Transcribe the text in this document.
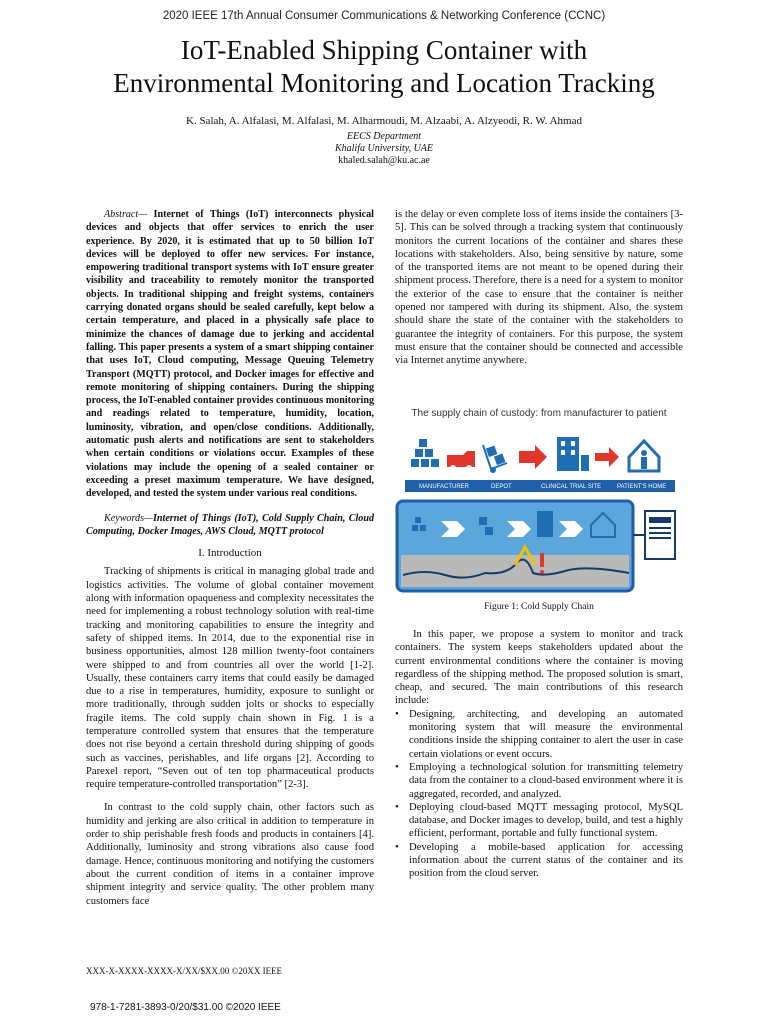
2020 IEEE 17th Annual Consumer Communications & Networking Conference (CCNC)
IoT-Enabled Shipping Container with
Environmental Monitoring and Location Tracking
K. Salah, A. Alfalasi, M. Alfalasi, M. Alharmoudi, M. Alzaabi, A. Alzyeodi, R. W. Ahmad
EECS Department
Khalifa University, UAE
khaled.salah@ku.ac.ae

Abstract— Internet of Things (IoT) interconnects physical devices and objects that offer services to enrich the user experience. By 2020, it is estimated that up to 50 billion IoT devices will be deployed to offer new services. For instance, empowering traditional transport systems with IoT ensure greater visibility and traceability to remotely monitor the transported objects. In traditional shipping and freight systems, containers carrying donated organs should be sealed carefully, kept below a certain temperature, and placed in a physically safe place to minimize the chances of damage due to jerking and accidental falling. This paper presents a system of a smart shipping container that uses IoT, Cloud computing, Message Queuing Telemetry Transport (MQTT) protocol, and Docker images for effective and remote monitoring of shipping containers. During the shipping process, the IoT-enabled container provides continuous monitoring and readings related to temperature, humidity, location, luminosity, vibration, and open/close conditions. Additionally, automatic push alerts and notifications are sent to stakeholders when certain conditions or violations occur. Examples of these violations may include the opening of a sealed container or exceeding a preset maximum temperature. We have designed, developed, and tested the system under various real conditions.

Keywords—Internet of Things (IoT), Cold Supply Chain, Cloud Computing, Docker Images, AWS Cloud, MQTT protocol

I. Introduction

Tracking of shipments is critical in managing global trade and logistics activities. The volume of global container movement along with information opaqueness and complexity necessitates the need for implementing a robust technology solution with real-time tracking and monitoring capabilities to ensure the integrity and safety of shipped items. In 2014, due to the exponential rise in business opportunities, almost 128 million twenty-foot containers were shipped to and from countries all over the world [1-2]. Usually, these containers carry items that could easily be damaged due to a rise in temperatures, humidity, exposure to sunlight or more traditionally, through sudden jolts or shocks to especially fragile items. The cold supply chain shown in Fig. 1 is a temperature controlled system that ensures that the temperature does not rise beyond a certain threshold during shipping of goods such as vaccines, perishables, and life organs [2]. According to Parexel report, “Seven out of ten top pharmaceutical products require temperature-controlled transportation” [2-3].

In contrast to the cold supply chain, other factors such as humidity and jerking are also critical in addition to temperature in order to ship perishable fresh foods and products in containers [4]. Additionally, luminosity and strong vibrations also cause food damage. Hence, continuous monitoring and notifying the customers about the current condition of items in a container improve shipment integrity and service quality. The other problem many customers face

is the delay or even complete loss of items inside the containers [3-5]. This can be solved through a tracking system that continuously monitors the current locations of the container and shares these locations with stakeholders. Also, being sensitive by nature, some of the transported items are not meant to be opened during their shipment process. Therefore, there is a need for a system to monitor the exterior of the case to ensure that the container is neither opened nor tampered with during its shipment. Also, the system should share the state of the container with the stakeholders to guarantee the integrity of containers. For this purpose, the system must ensure that the container should be connected and accessible via Internet anytime anywhere.

The supply chain of custody: from manufacturer to patient
MANUFACTURER	DEPOT	CLINICAL TRIAL SITE	PATIENT'S HOME
Figure 1: Cold Supply Chain

In this paper, we propose a system to monitor and track containers. The system keeps stakeholders updated about the current environmental conditions where the container is moving regardless of the shipping method. The proposed solution is smart, cheap, and secured. The main contributions of this research include:

• Designing, architecting, and developing an automated monitoring system that will measure the environmental conditions inside the shipping container to alert the user in case certain violations or event occurs.
• Employing a technological solution for transmitting telemetry data from the container to a cloud-based environment where it is aggregated, recorded, and analyzed.
• Deploying cloud-based MQTT messaging protocol, MySQL database, and Docker images to develop, build, and test a highly efficient, performant, portable and fully functional system.
• Developing a mobile-based application for accessing information about the current status of the container and its position from the cloud server.
XXX-X-XXXX-XXXX-X/XX/$XX.00 ©20XX IEEE
978-1-7281-3893-0/20/$31.00 ©2020 IEEE
